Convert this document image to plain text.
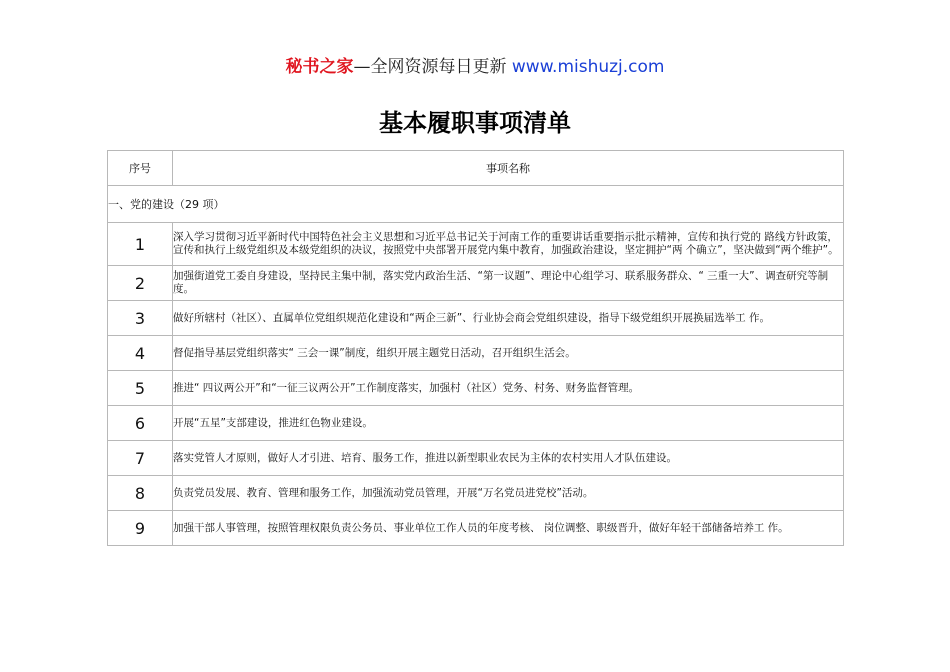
秘书之家—全网资源每日更新 www.mishuzj.com
基本履职事项清单
序号	事项名称
一、党的建设（29 项）	
1	深入学习贯彻习近平新时代中国特色社会主义思想和习近平总书记关于河南工作的重要讲话重要指示批示精神，宣传和执行党的 路线方针政策，宣传和执行上级党组织及本级党组织的决议，按照党中央部署开展党内集中教育，加强政治建设，坚定拥护“两 个确立”，坚决做到“两个维护”。
2	加强街道党工委自身建设，坚持民主集中制，落实党内政治生活、“第一议题”、理论中心组学习、联系服务群众、“ 三重一大”、调查研究等制度。
3	做好所辖村（社区）、直属单位党组织规范化建设和“两企三新”、行业协会商会党组织建设，指导下级党组织开展换届选举工 作。
4	督促指导基层党组织落实“ 三会一课”制度，组织开展主题党日活动，召开组织生活会。
5	推进“ 四议两公开”和“一征三议两公开”工作制度落实，加强村（社区）党务、村务、财务监督管理。
6	开展“五星”支部建设，推进红色物业建设。
7	落实党管人才原则，做好人才引进、培育、服务工作，推进以新型职业农民为主体的农村实用人才队伍建设。
8	负责党员发展、教育、管理和服务工作，加强流动党员管理，开展“万名党员进党校”活动。
9	加强干部人事管理，按照管理权限负责公务员、事业单位工作人员的年度考核、 岗位调整、职级晋升，做好年轻干部储备培养工 作。
